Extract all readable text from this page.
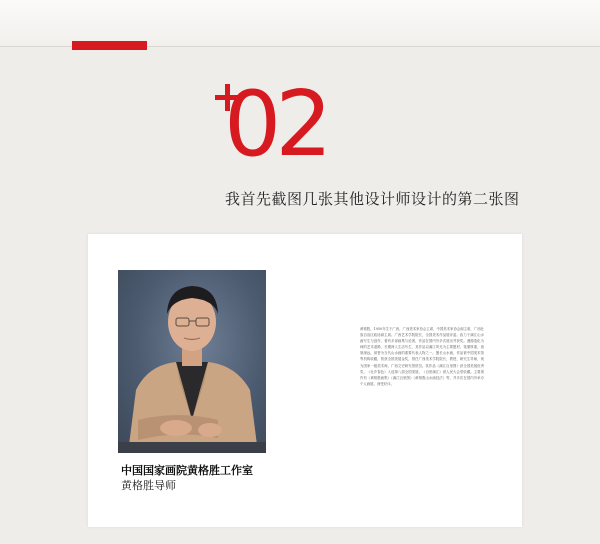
02
我首先截图几张其他设计师设计的第二张图
中国国家画院黄格胜工作室
黄格胜导师
黄格胜，1950年生于广西，广西美术家协会主席，中国美术家协会副主席，广西壮族自治区政协副主席。广西艺术学院院长，全国美术作品展评委。致力于漓江山水画写生与创作，著有多部画集与论著，作品在国内外多次展出并获奖。遵循造化为师的艺术道路，长期深入生活写生，其作品以漓江风光为主要题材，笔墨厚重，意境深远，被誉为当代山水画的重要代表人物之一。擅长山水画，作品被中国美术馆等机构收藏，曾获全国美展金奖，曾任广西美术学院院长，教授，研究生导师，现为国家一级美术师，广西文史研究馆馆员。其作品《漓江百里图》获全国美展优秀奖，《壮乡春色》入选第八届全国美展，《百里漓江》被人民大会堂收藏。主要著作有《黄格胜画集》《漓江百里图》《黄格胜山水画技法》等，并多次在国内外举办个人画展，深受好评。
